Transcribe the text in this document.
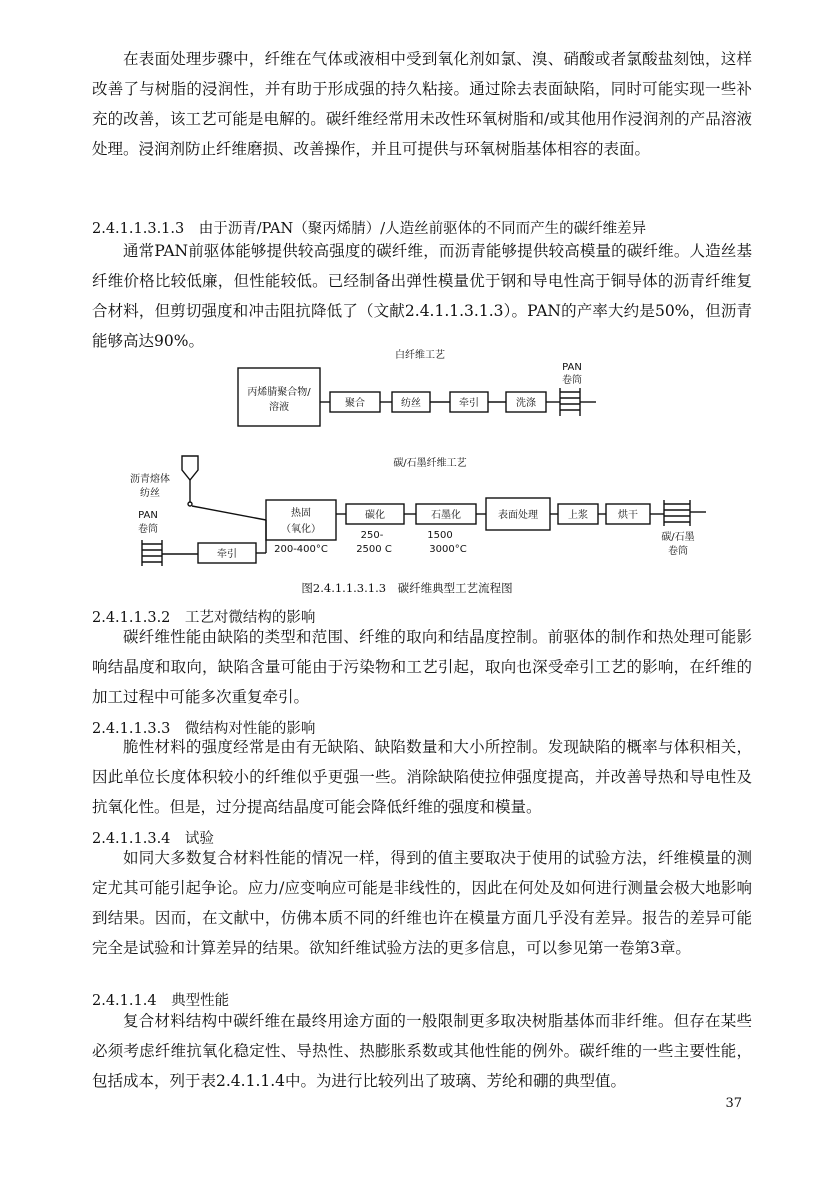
在表面处理步骤中，纤维在气体或液相中受到氧化剂如氯、溴、硝酸或者氯酸盐刻蚀，这样改善了与树脂的浸润性，并有助于形成强的持久粘接。通过除去表面缺陷，同时可能实现一些补充的改善，该工艺可能是电解的。碳纤维经常用未改性环氧树脂和/或其他用作浸润剂的产品溶液处理。浸润剂防止纤维磨损、改善操作，并且可提供与环氧树脂基体相容的表面。

2.4.1.1.3.1.3　由于沥青/PAN（聚丙烯腈）/人造丝前驱体的不同而产生的碳纤维差异

通常PAN前驱体能够提供较高强度的碳纤维，而沥青能够提供较高模量的碳纤维。人造丝基纤维价格比较低廉，但性能较低。已经制备出弹性模量优于钢和导电性高于铜导体的沥青纤维复合材料，但剪切强度和冲击阻抗降低了（文献2.4.1.1.3.1.3）。PAN的产率大约是50%，但沥青能够高达90%。

白纤维工艺
PAN
卷筒
丙烯腈聚合物/
溶液	聚合	纺丝	牵引	洗涤
碳/石墨纤维工艺
沥青熔体
纺丝
PAN
卷筒
牵引
热固
（氧化）
200-400°C
碳化
250-
2500 C
石墨化
1500
3000°C
表面处理	上浆	烘干
碳/石墨
卷筒
图2.4.1.1.3.1.3　碳纤维典型工艺流程图

2.4.1.1.3.2　工艺对微结构的影响

碳纤维性能由缺陷的类型和范围、纤维的取向和结晶度控制。前驱体的制作和热处理可能影响结晶度和取向，缺陷含量可能由于污染物和工艺引起，取向也深受牵引工艺的影响，在纤维的加工过程中可能多次重复牵引。

2.4.1.1.3.3　微结构对性能的影响

脆性材料的强度经常是由有无缺陷、缺陷数量和大小所控制。发现缺陷的概率与体积相关，因此单位长度体积较小的纤维似乎更强一些。消除缺陷使拉伸强度提高，并改善导热和导电性及抗氧化性。但是，过分提高结晶度可能会降低纤维的强度和模量。

2.4.1.1.3.4　试验

如同大多数复合材料性能的情况一样，得到的值主要取决于使用的试验方法，纤维模量的测定尤其可能引起争论。应力/应变响应可能是非线性的，因此在何处及如何进行测量会极大地影响到结果。因而，在文献中，仿佛本质不同的纤维也许在模量方面几乎没有差异。报告的差异可能完全是试验和计算差异的结果。欲知纤维试验方法的更多信息，可以参见第一卷第3章。

2.4.1.1.4　典型性能

复合材料结构中碳纤维在最终用途方面的一般限制更多取决树脂基体而非纤维。但存在某些必须考虑纤维抗氧化稳定性、导热性、热膨胀系数或其他性能的例外。碳纤维的一些主要性能，包括成本，列于表2.4.1.1.4中。为进行比较列出了玻璃、芳纶和硼的典型值。

37
